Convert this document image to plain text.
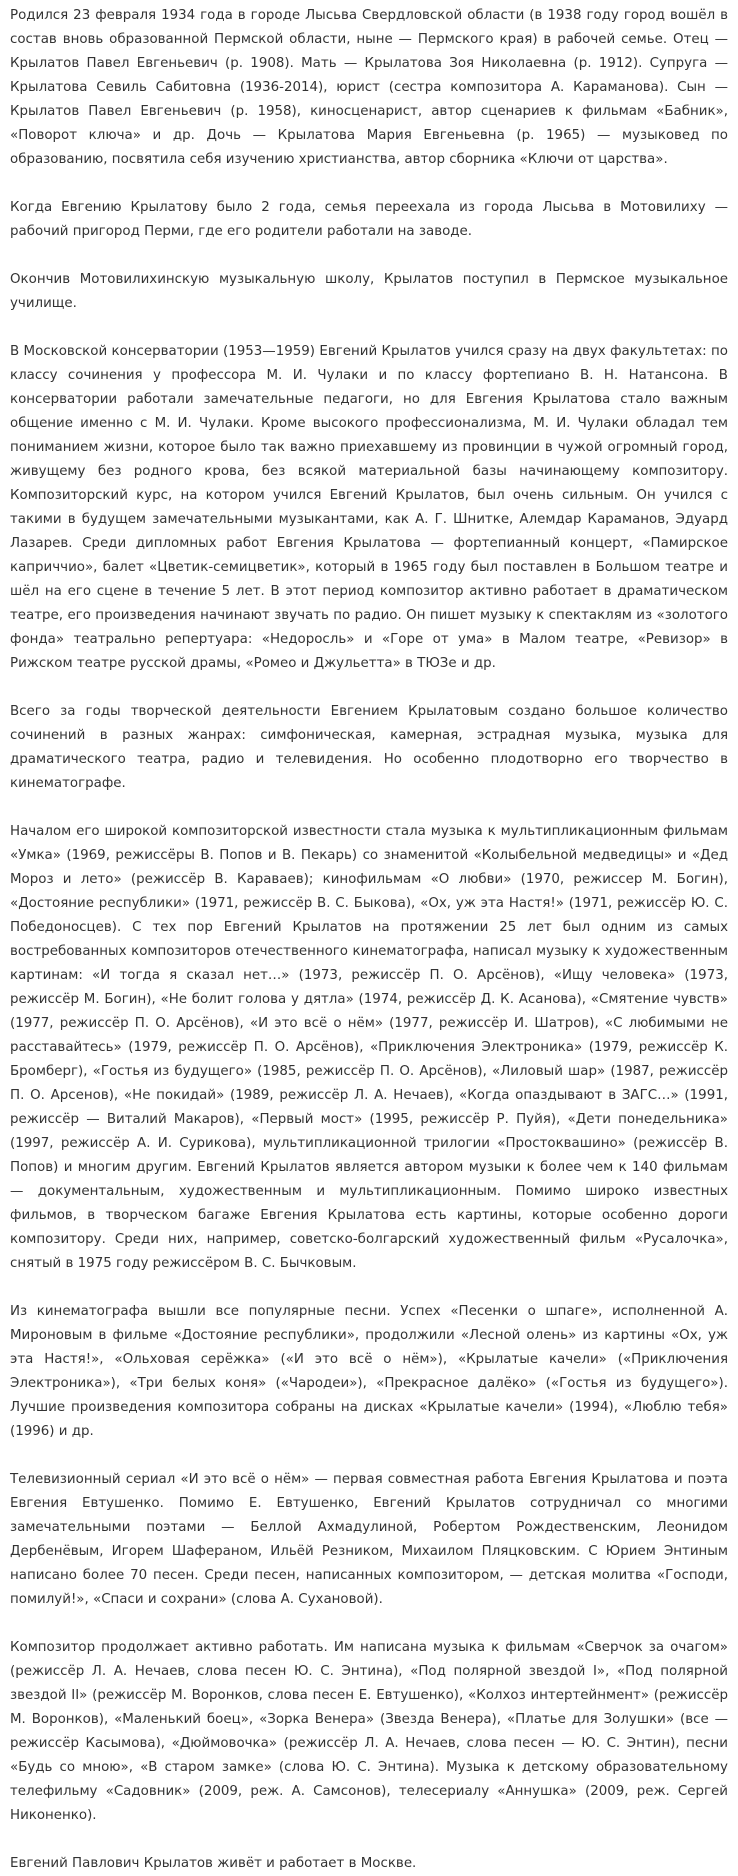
Родился 23 февраля 1934 года в городе Лысьва Свердловской области (в 1938 году город вошёл в состав вновь образованной Пермской области, ныне — Пермского края) в рабочей семье. Отец — Крылатов Павел Евгеньевич (р. 1908). Мать — Крылатова Зоя Николаевна (р. 1912). Супруга — Крылатова Севиль Сабитовна (1936-2014), юрист (сестра композитора А. Караманова). Сын — Крылатов Павел Евгеньевич (р. 1958), киносценарист, автор сценариев к фильмам «Бабник», «Поворот ключа» и др. Дочь — Крылатова Мария Евгеньевна (р. 1965) — музыковед по образованию, посвятила себя изучению христианства, автор сборника «Ключи от царства».

Когда Евгению Крылатову было 2 года, семья переехала из города Лысьва в Мотовилиху — рабочий пригород Перми, где его родители работали на заводе.

Окончив Мотовилихинскую музыкальную школу, Крылатов поступил в Пермское музыкальное училище.

В Московской консерватории (1953—1959) Евгений Крылатов учился сразу на двух факультетах: по классу сочинения у профессора М. И. Чулаки и по классу фортепиано В. Н. Натансона. В консерватории работали замечательные педагоги, но для Евгения Крылатова стало важным общение именно с М. И. Чулаки. Кроме высокого профессионализма, М. И. Чулаки обладал тем пониманием жизни, которое было так важно приехавшему из провинции в чужой огромный город, живущему без родного крова, без всякой материальной базы начинающему композитору. Композиторский курс, на котором учился Евгений Крылатов, был очень сильным. Он учился с такими в будущем замечательными музыкантами, как А. Г. Шнитке, Алемдар Караманов, Эдуард Лазарев. Среди дипломных работ Евгения Крылатова — фортепианный концерт, «Памирское каприччио», балет «Цветик-семицветик», который в 1965 году был поставлен в Большом театре и шёл на его сцене в течение 5 лет. В этот период композитор активно работает в драматическом театре, его произведения начинают звучать по радио. Он пишет музыку к спектаклям из «золотого фонда» театрально репертуара: «Недоросль» и «Горе от ума» в Малом театре, «Ревизор» в Рижском театре русской драмы, «Ромео и Джульетта» в ТЮЗе и др.

Всего за годы творческой деятельности Евгением Крылатовым создано большое количество сочинений в разных жанрах: симфоническая, камерная, эстрадная музыка, музыка для драматического театра, радио и телевидения. Но особенно плодотворно его творчество в кинематографе.

Началом его широкой композиторской известности стала музыка к мультипликационным фильмам «Умка» (1969, режиссёры В. Попов и В. Пекарь) со знаменитой «Колыбельной медведицы» и «Дед Мороз и лето» (режиссёр В. Караваев); кинофильмам «О любви» (1970, режиссер М. Богин), «Достояние республики» (1971, режиссёр В. С. Быкова), «Ох, уж эта Настя!» (1971, режиссёр Ю. С. Победоносцев). С тех пор Евгений Крылатов на протяжении 25 лет был одним из самых востребованных композиторов отечественного кинематографа, написал музыку к художественным картинам: «И тогда я сказал нет…» (1973, режиссёр П. О. Арсёнов), «Ищу человека» (1973, режиссёр М. Богин), «Не болит голова у дятла» (1974, режиссёр Д. К. Асанова), «Смятение чувств» (1977, режиссёр П. О. Арсёнов), «И это всё о нём» (1977, режиссёр И. Шатров), «С любимыми не расставайтесь» (1979, режиссёр П. О. Арсёнов), «Приключения Электроника» (1979, режиссёр К. Бромберг), «Гостья из будущего» (1985, режиссёр П. О. Арсёнов), «Лиловый шар» (1987, режиссёр П. О. Арсенов), «Не покидай» (1989, режиссёр Л. А. Нечаев), «Когда опаздывают в ЗАГС…» (1991, режиссёр — Виталий Макаров), «Первый мост» (1995, режиссёр Р. Пуйя), «Дети понедельника» (1997, режиссёр А. И. Сурикова), мультипликационной трилогии «Простоквашино» (режиссёр В. Попов) и многим другим. Евгений Крылатов является автором музыки к более чем к 140 фильмам — документальным, художественным и мультипликационным. Помимо широко известных фильмов, в творческом багаже Евгения Крылатова есть картины, которые особенно дороги композитору. Среди них, например, советско-болгарский художественный фильм «Русалочка», снятый в 1975 году режиссёром В. С. Бычковым.

Из кинематографа вышли все популярные песни. Успех «Песенки о шпаге», исполненной А. Мироновым в фильме «Достояние республики», продолжили «Лесной олень» из картины «Ох, уж эта Настя!», «Ольховая серёжка» («И это всё о нём»), «Крылатые качели» («Приключения Электроника»), «Три белых коня» («Чародеи»), «Прекрасное далёко» («Гостья из будущего»). Лучшие произведения композитора собраны на дисках «Крылатые качели» (1994), «Люблю тебя» (1996) и др.

Телевизионный сериал «И это всё о нём» — первая совместная работа Евгения Крылатова и поэта Евгения Евтушенко. Помимо Е. Евтушенко, Евгений Крылатов сотрудничал со многими замечательными поэтами — Беллой Ахмадулиной, Робертом Рождественским, Леонидом Дербенёвым, Игорем Шафераном, Ильёй Резником, Михаилом Пляцковским. С Юрием Энтиным написано более 70 песен. Среди песен, написанных композитором, — детская молитва «Господи, помилуй!», «Спаси и сохрани» (слова А. Сухановой).

Композитор продолжает активно работать. Им написана музыка к фильмам «Сверчок за очагом» (режиссёр Л. А. Нечаев, слова песен Ю. С. Энтина), «Под полярной звездой I», «Под полярной звездой II» (режиссёр М. Воронков, слова песен Е. Евтушенко), «Колхоз интертейнмент» (режиссёр М. Воронков), «Маленький боец», «Зорка Венера» (Звезда Венера), «Платье для Золушки» (все — режиссёр Касымова), «Дюймовочка» (режиссёр Л. А. Нечаев, слова песен — Ю. С. Энтин), песни «Будь со мною», «В старом замке» (слова Ю. С. Энтина). Музыка к детскому образовательному телефильму «Садовник» (2009, реж. А. Самсонов), телесериалу «Аннушка» (2009, реж. Сергей Никоненко).

Евгений Павлович Крылатов живёт и работает в Москве.
